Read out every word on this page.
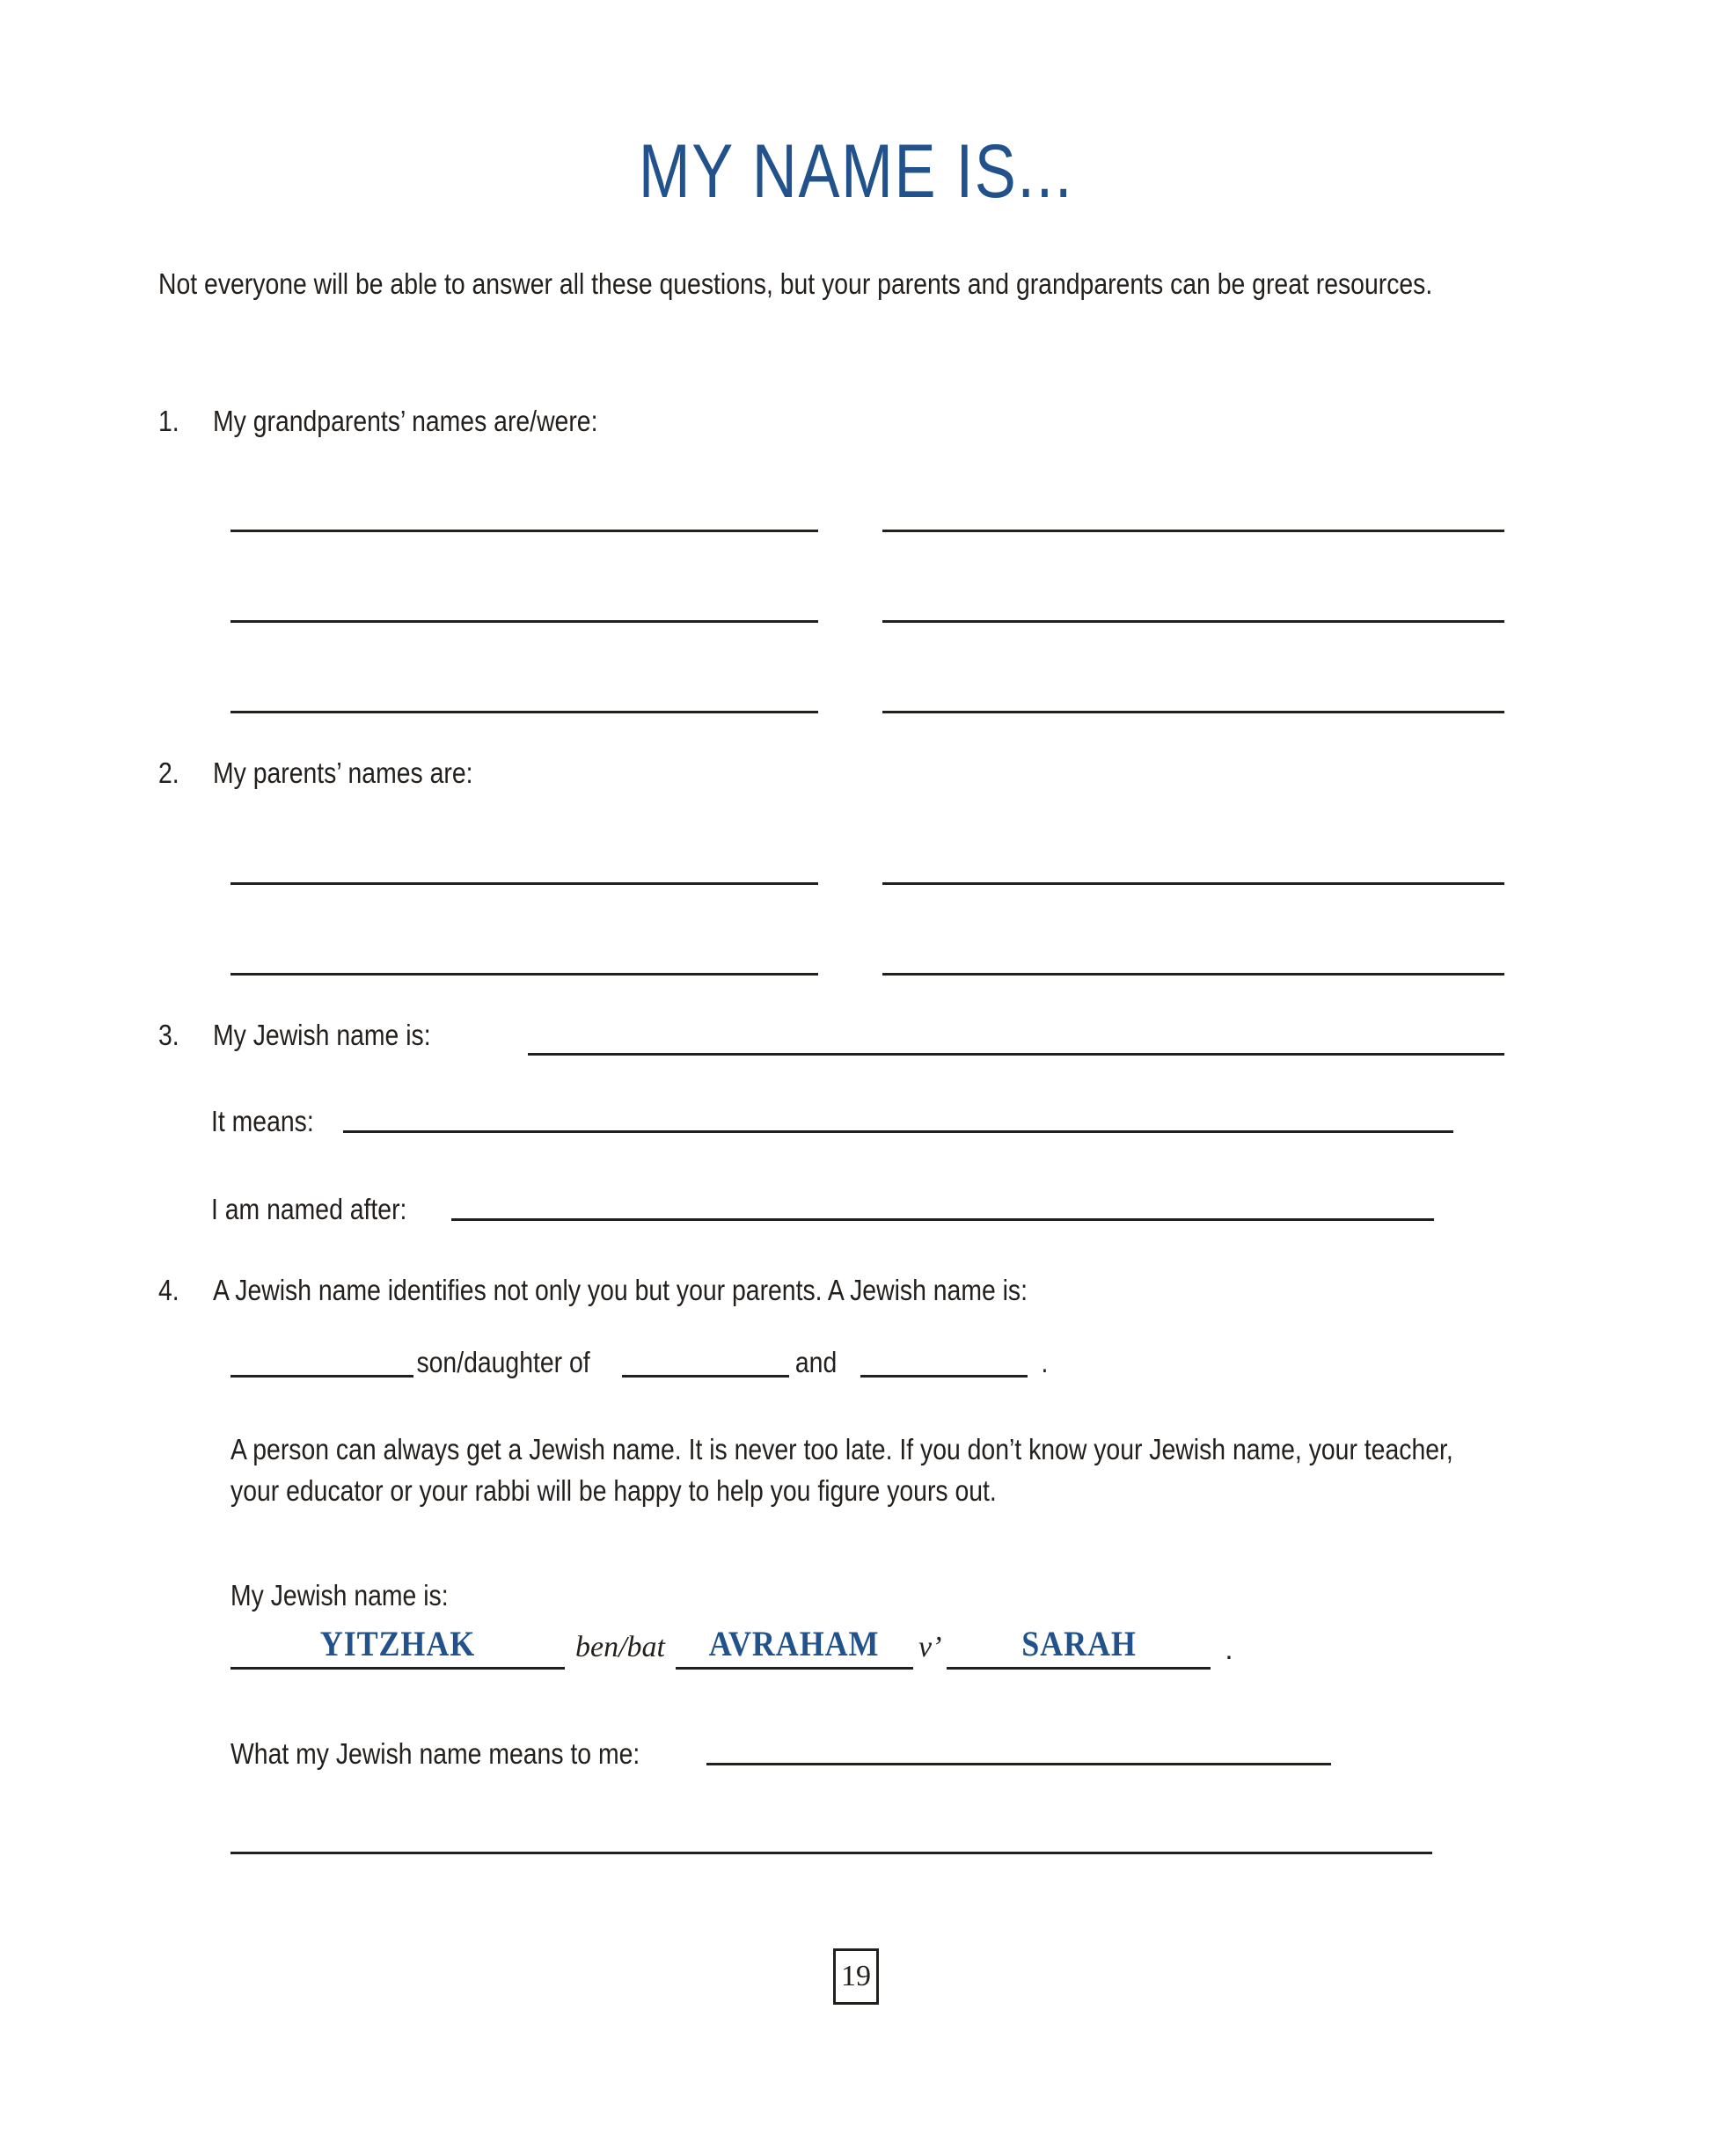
MY NAME IS...
Not everyone will be able to answer all these questions, but your parents and grandparents can be great resources.
1.	My grandparents’ names are/were:
2.	My parents’ names are:
3.	My Jewish name is:
It means:
I am named after:
4.	A Jewish name identifies not only you but your parents. A Jewish name is:
son/daughter of	and	.
A person can always get a Jewish name. It is never too late. If you don’t know your Jewish name, your teacher, your educator or your rabbi will be happy to help you figure yours out.
My Jewish name is:
YITZHAK	ben/bat	AVRAHAM	v’	SARAH	.
What my Jewish name means to me:
19
